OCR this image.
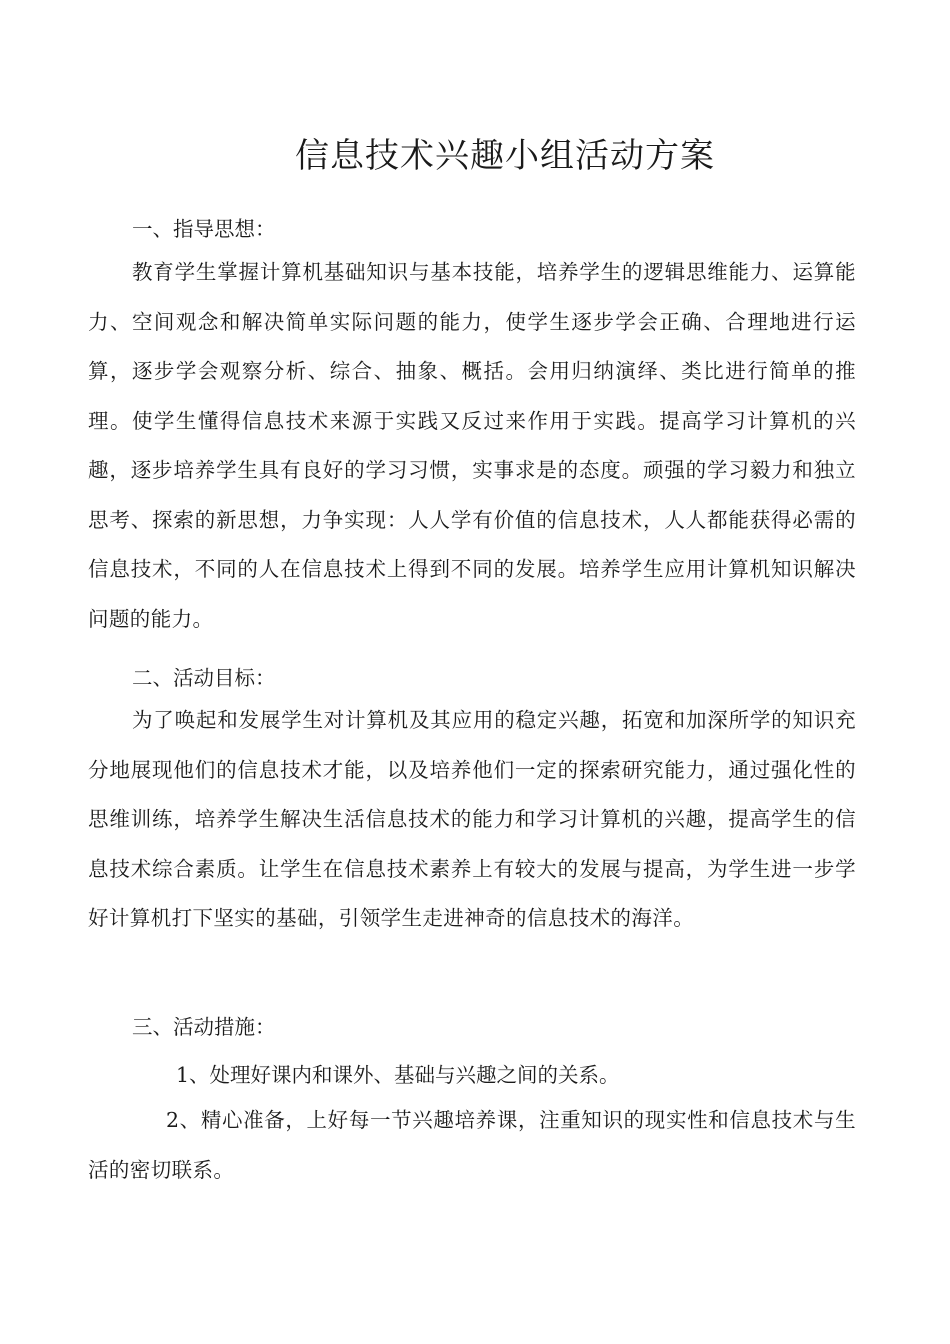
信息技术兴趣小组活动方案

一、指导思想：

教育学生掌握计算机基础知识与基本技能，培养学生的逻辑思维能力、运算能力、空间观念和解决简单实际问题的能力，使学生逐步学会正确、合理地进行运算，逐步学会观察分析、综合、抽象、概括。会用归纳演绎、类比进行简单的推理。使学生懂得信息技术来源于实践又反过来作用于实践。提高学习计算机的兴趣，逐步培养学生具有良好的学习习惯，实事求是的态度。顽强的学习毅力和独立思考、探索的新思想，力争实现：人人学有价值的信息技术，人人都能获得必需的信息技术，不同的人在信息技术上得到不同的发展。培养学生应用计算机知识解决问题的能力。

二、活动目标：

为了唤起和发展学生对计算机及其应用的稳定兴趣，拓宽和加深所学的知识充分地展现他们的信息技术才能，以及培养他们一定的探索研究能力，通过强化性的思维训练，培养学生解决生活信息技术的能力和学习计算机的兴趣，提高学生的信息技术综合素质。让学生在信息技术素养上有较大的发展与提高，为学生进一步学好计算机打下坚实的基础，引领学生走进神奇的信息技术的海洋。

三、活动措施：

1、处理好课内和课外、基础与兴趣之间的关系。

2、精心准备，上好每一节兴趣培养课，注重知识的现实性和信息技术与生活的密切联系。
